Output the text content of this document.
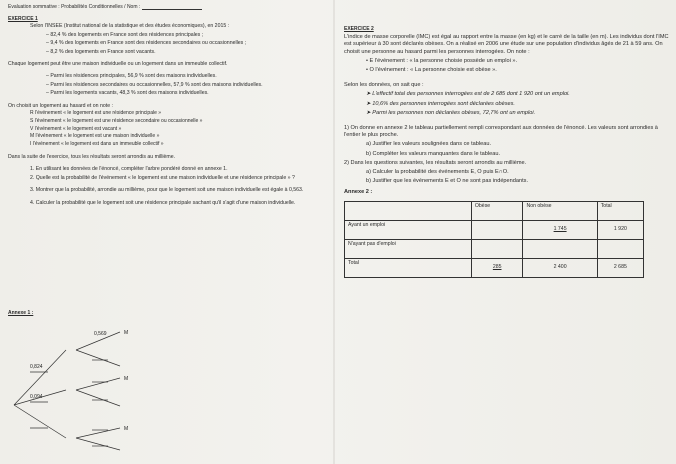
Evaluation sommative : Probabilités Conditionnelles / Nom :
EXERCICE 1

Selon l'INSEE (Institut national de la statistique et des études économiques), en 2015 :

– 82,4 % des logements en France sont des résidences principales ;

– 9,4 % des logements en France sont des résidences secondaires ou occasionnelles ;

– 8,2 % des logements en France sont vacants.

Chaque logement peut être une maison individuelle ou un logement dans un immeuble collectif.

– Parmi les résidences principales, 56,9 % sont des maisons individuelles.

– Parmi les résidences secondaires ou occasionnelles, 57,9 % sont des maisons individuelles.

– Parmi les logements vacants, 48,3 % sont des maisons individuelles.

On choisit un logement au hasard et on note :

R l'événement « le logement est une résidence principale »

S l'événement « le logement est une résidence secondaire ou occasionnelle »

V l'événement « le logement est vacant »

M l'événement « le logement est une maison individuelle »

I l'événement « le logement est dans un immeuble collectif »

Dans la suite de l'exercice, tous les résultats seront arrondis au millième.

1. En utilisant les données de l'énoncé, compléter l'arbre pondéré donné en annexe 1.

2. Quelle est la probabilité de l'événement « le logement est une maison individuelle et une résidence principale » ?

3. Montrer que la probabilité, arrondie au millième, pour que le logement soit une maison individuelle est égale à 0,563.

4. Calculer la probabilité que le logement soit une résidence principale sachant qu'il s'agit d'une maison individuelle.

Annexe 1 :
0,569
0,824
0,094
M
M
M
EXERCICE 2

L'indice de masse corporelle (IMC) est égal au rapport entre la masse (en kg) et le carré de la taille (en m). Les individus dont l'IMC est supérieur à 30 sont déclarés obèses. On a réalisé en 2006 une étude sur une population d'individus âgés de 21 à 59 ans. On choisit une personne au hasard parmi les personnes interrogées. On note :

• E l'événement : « la personne choisie possède un emploi ».

• O l'événement : « La personne choisie est obèse ».

Selon les données, on sait que :

➤ L'effectif total des personnes interrogées est de 2 685 dont 1 920 ont un emploi.

➤ 10,6% des personnes interrogées sont déclarées obèses.

➤ Parmi les personnes non déclarées obèses, 72,7% ont un emploi.

1) On donne en annexe 2 le tableau partiellement rempli correspondant aux données de l'énoncé. Les valeurs sont arrondies à l'entier le plus proche.

a) Justifier les valeurs soulignées dans ce tableau.

b) Compléter les valeurs manquantes dans le tableau.

2) Dans les questions suivantes, les résultats seront arrondis au millième.

a) Calculer la probabilité des événements E, O puis E∩O.

b) Justifier que les événements E et O ne sont pas indépendants.

Annexe 2 :
	Obèse	Non obèse	Total
Ayant un emploi		1 745	1 920
N'ayant pas d'emploi			
Total	285	2 400	2 685
